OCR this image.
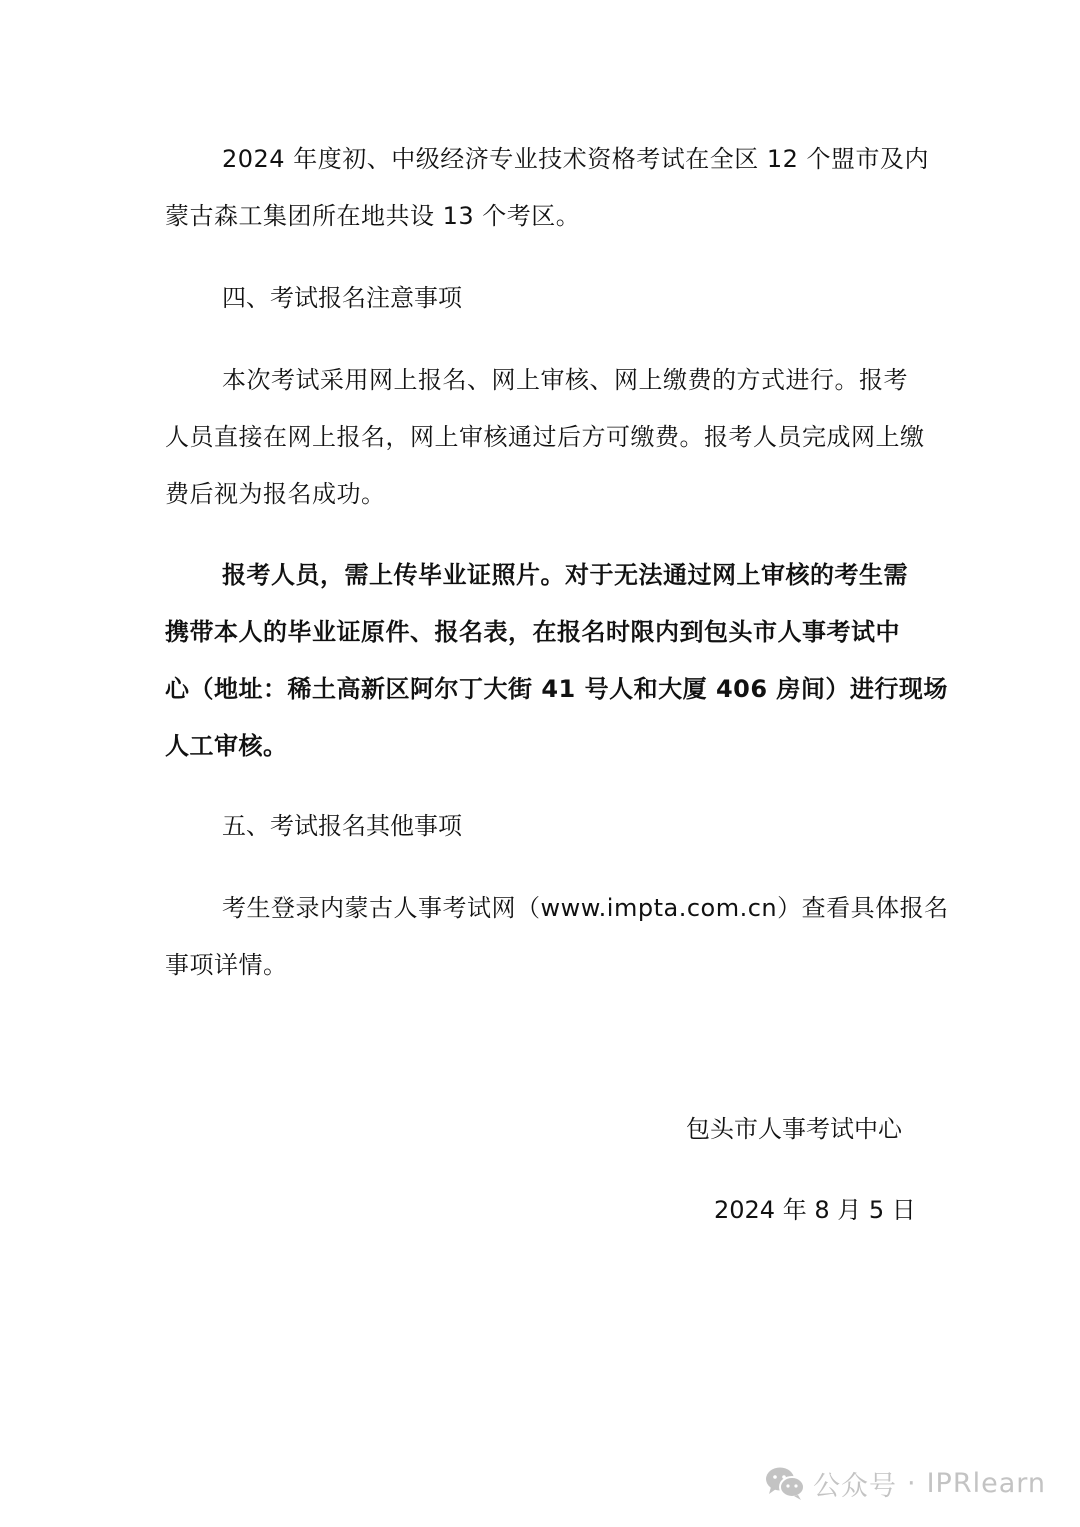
2024 年度初、中级经济专业技术资格考试在全区 12 个盟市及内
蒙古森工集团所在地共设 13 个考区。

四、考试报名注意事项

本次考试采用网上报名、网上审核、网上缴费的方式进行。报考
人员直接在网上报名，网上审核通过后方可缴费。报考人员完成网上缴
费后视为报名成功。

报考人员，需上传毕业证照片。对于无法通过网上审核的考生需
携带本人的毕业证原件、报名表，在报名时限内到包头市人事考试中
心（地址：稀土高新区阿尔丁大街 41 号人和大厦 406 房间）进行现场
人工审核。

五、考试报名其他事项

考生登录内蒙古人事考试网（www.impta.com.cn）查看具体报名
事项详情。

包头市人事考试中心
2024 年 8 月 5 日
公众号 · IPRlearn
